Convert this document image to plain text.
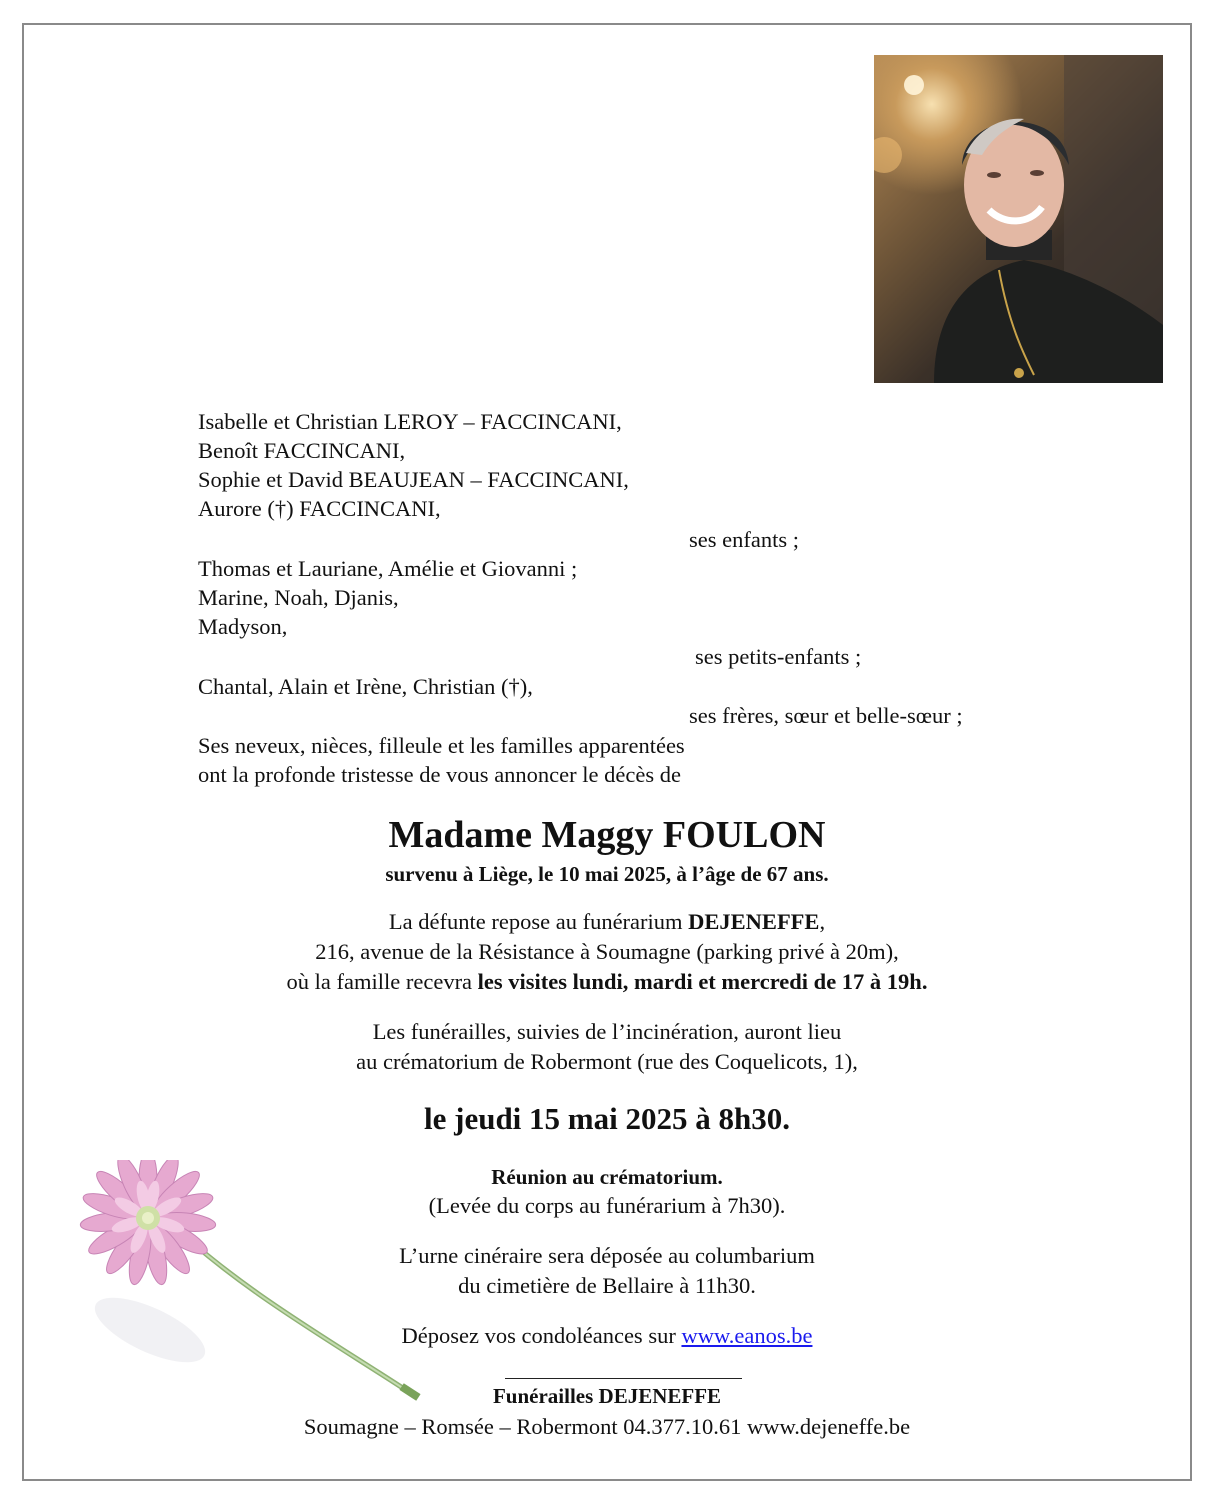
Isabelle et Christian LEROY – FACCINCANI,
Benoît FACCINCANI,
Sophie et David BEAUJEAN – FACCINCANI,
Aurore (†) FACCINCANI,
ses enfants ;
Thomas et Lauriane, Amélie et Giovanni ;
Marine, Noah, Djanis,
Madyson,
ses petits-enfants ;
Chantal, Alain et Irène, Christian (†),
ses frères, sœur et belle-sœur ;
Ses neveux, nièces, filleule et les familles apparentées
ont la profonde tristesse de vous annoncer le décès de
Madame Maggy FOULON
survenu à Liège, le 10 mai 2025, à l’âge de 67 ans.
La défunte repose au funérarium DEJENEFFE,
216, avenue de la Résistance à Soumagne (parking privé à 20m),
où la famille recevra les visites lundi, mardi et mercredi de 17 à 19h.
Les funérailles, suivies de l’incinération, auront lieu
au crématorium de Robermont (rue des Coquelicots, 1),
le jeudi 15 mai 2025 à 8h30.
Réunion au crématorium.
(Levée du corps au funérarium à 7h30).
L’urne cinéraire sera déposée au columbarium
du cimetière de Bellaire à 11h30.
Déposez vos condoléances sur www.eanos.be
Funérailles DEJENEFFE
Soumagne – Romsée – Robermont 04.377.10.61 www.dejeneffe.be
